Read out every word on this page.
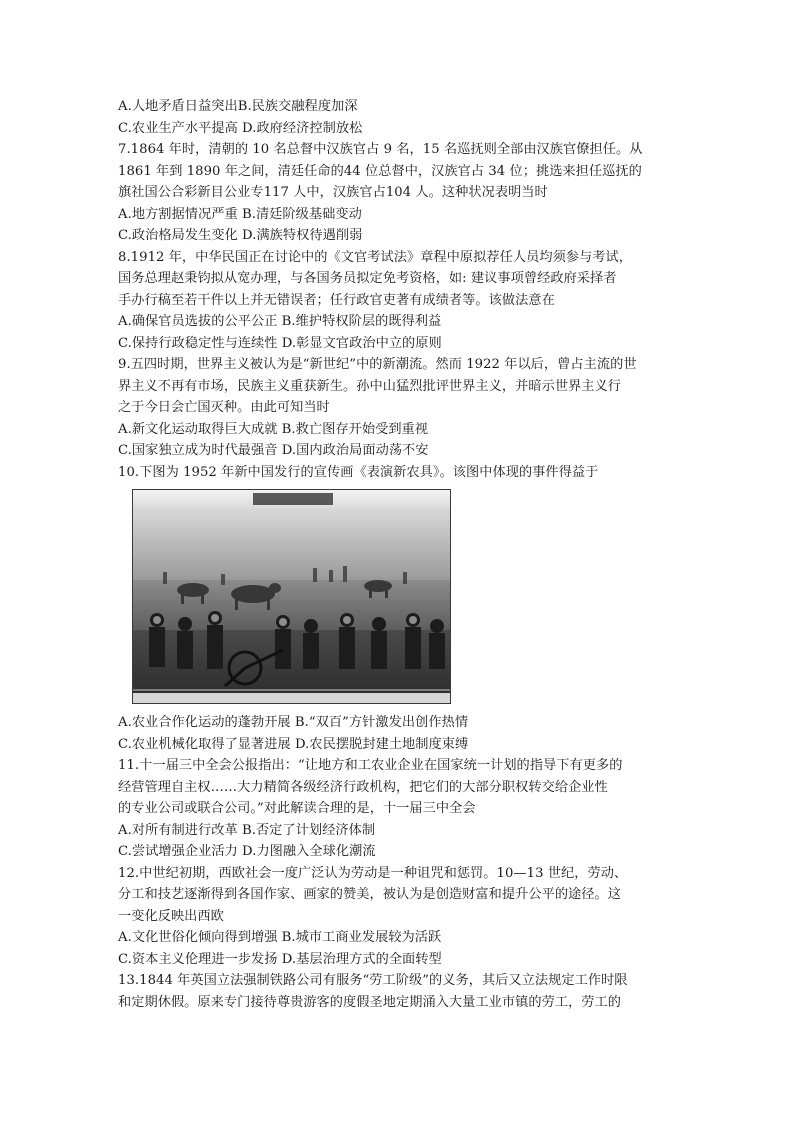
A.人地矛盾日益突出B.民族交融程度加深
C.农业生产水平提高 D.政府经济控制放松
7.1864 年时，清朝的 10 名总督中汉族官占 9 名，15 名巡抚则全部由汉族官僚担任。从
1861 年到 1890 年之间，清廷任命的44 位总督中，汉族官占 34 位；挑选来担任巡抚的
旗社国公合彩新目公业专117 人中，汉族官占104 人。这种状况表明当时
A.地方割据情况严重 B.清廷阶级基础变动
C.政治格局发生变化 D.满族特权待遇削弱
8.1912 年，中华民国正在讨论中的《文官考试法》章程中原拟荐任人员均须参与考试，
国务总理赵秉钧拟从宽办理，与各国务员拟定免考资格，如: 建议事项曾经政府采择者
手办行稿至若干件以上并无错误者；任行政官吏著有成绩者等。该做法意在
A.确保官员选拔的公平公正 B.维护特权阶层的既得利益
C.保持行政稳定性与连续性 D.彰显文官政治中立的原则
9.五四时期，世界主义被认为是“新世纪”中的新潮流。然而 1922 年以后，曾占主流的世
界主义不再有市场，民族主义重获新生。孙中山猛烈批评世界主义，并暗示世界主义行
之于今日会亡国灭种。由此可知当时
A.新文化运动取得巨大成就 B.救亡图存开始受到重视
C.国家独立成为时代最强音 D.国内政治局面动荡不安
10.下图为 1952 年新中国发行的宣传画《表演新农具》。该图中体现的事件得益于
A.农业合作化运动的蓬勃开展 B.“双百”方针激发出创作热情
C.农业机械化取得了显著进展 D.农民摆脱封建土地制度束缚
11.十一届三中全会公报指出：“让地方和工农业企业在国家统一计划的指导下有更多的
经营管理自主权……大力精简各级经济行政机构，把它们的大部分职权转交给企业性
的专业公司或联合公司。”对此解读合理的是，十一届三中全会
A.对所有制进行改革 B.否定了计划经济体制
C.尝试增强企业活力 D.力图融入全球化潮流
12.中世纪初期，西欧社会一度广泛认为劳动是一种诅咒和惩罚。10—13 世纪，劳动、
分工和技艺逐渐得到各国作家、画家的赞美，被认为是创造财富和提升公平的途径。这
一变化反映出西欧
A.文化世俗化倾向得到增强 B.城市工商业发展较为活跃
C.资本主义伦理进一步发扬 D.基层治理方式的全面转型
13.1844 年英国立法强制铁路公司有服务“劳工阶级”的义务，其后又立法规定工作时限
和定期休假。原来专门接待尊贵游客的度假圣地定期涌入大量工业市镇的劳工，劳工的
